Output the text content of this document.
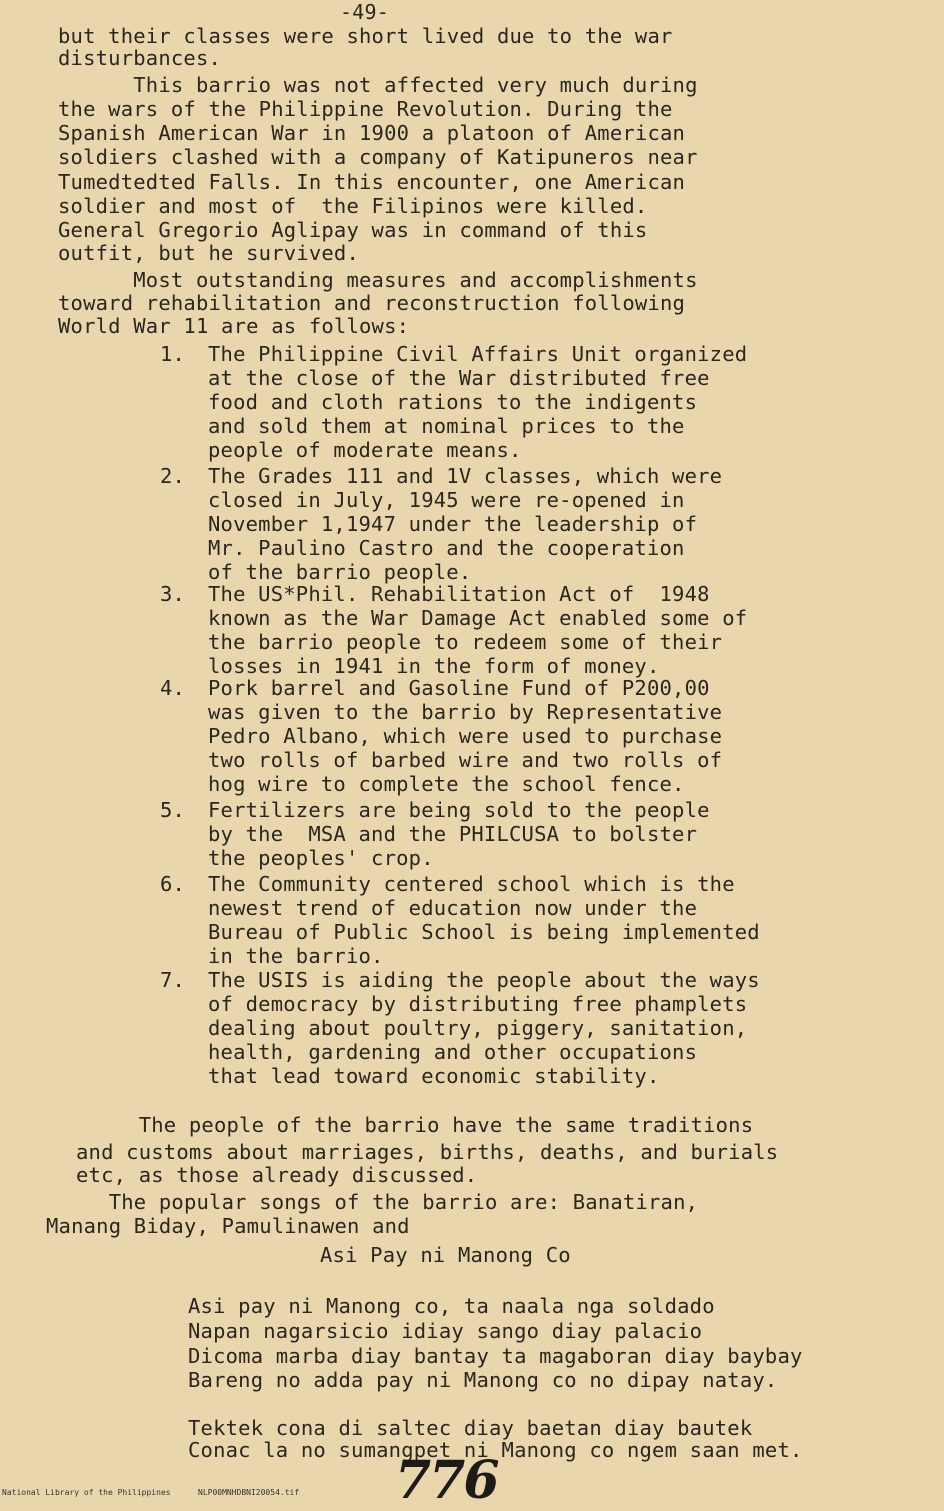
-49-
but their classes were short lived due to the war
disturbances.
This barrio was not affected very much during
the wars of the Philippine Revolution. During the
Spanish American War in 1900 a platoon of American
soldiers clashed with a company of Katipuneros near
Tumedtedted Falls. In this encounter, one American
soldier and most of  the Filipinos were killed.
General Gregorio Aglipay was in command of this
outfit, but he survived.
Most outstanding measures and accomplishments
toward rehabilitation and reconstruction following
World War 11 are as follows:
1.	The Philippine Civil Affairs Unit organized
at the close of the War distributed free
food and cloth rations to the indigents
and sold them at nominal prices to the
people of moderate means.
2.	The Grades 111 and 1V classes, which were
closed in July, 1945 were re-opened in
November 1,1947 under the leadership of
Mr. Paulino Castro and the cooperation
of the barrio people.
3.	The US*Phil. Rehabilitation Act of  1948
known as the War Damage Act enabled some of
the barrio people to redeem some of their
losses in 1941 in the form of money.
4.	Pork barrel and Gasoline Fund of P200,00
was given to the barrio by Representative
Pedro Albano, which were used to purchase
two rolls of barbed wire and two rolls of
hog wire to complete the school fence.
5.	Fertilizers are being sold to the people
by the  MSA and the PHILCUSA to bolster
the peoples' crop.
6.	The Community centered school which is the
newest trend of education now under the
Bureau of Public School is being implemented
in the barrio.
7.	The USIS is aiding the people about the ways
of democracy by distributing free phamplets
dealing about poultry, piggery, sanitation,
health, gardening and other occupations
that lead toward economic stability.
The people of the barrio have the same traditions
and customs about marriages, births, deaths, and burials
etc, as those already discussed.
The popular songs of the barrio are: Banatiran,
Manang Biday, Pamulinawen and
Asi Pay ni Manong Co
Asi pay ni Manong co, ta naala nga soldado
Napan nagarsicio idiay sango diay palacio
Dicoma marba diay bantay ta magaboran diay baybay
Bareng no adda pay ni Manong co no dipay natay.
Tektek cona di saltec diay baetan diay bautek
Conac la no sumangpet ni Manong co ngem saan met.
776
National Library of the Philippines	NLP00MNHDBNI20054.tif
